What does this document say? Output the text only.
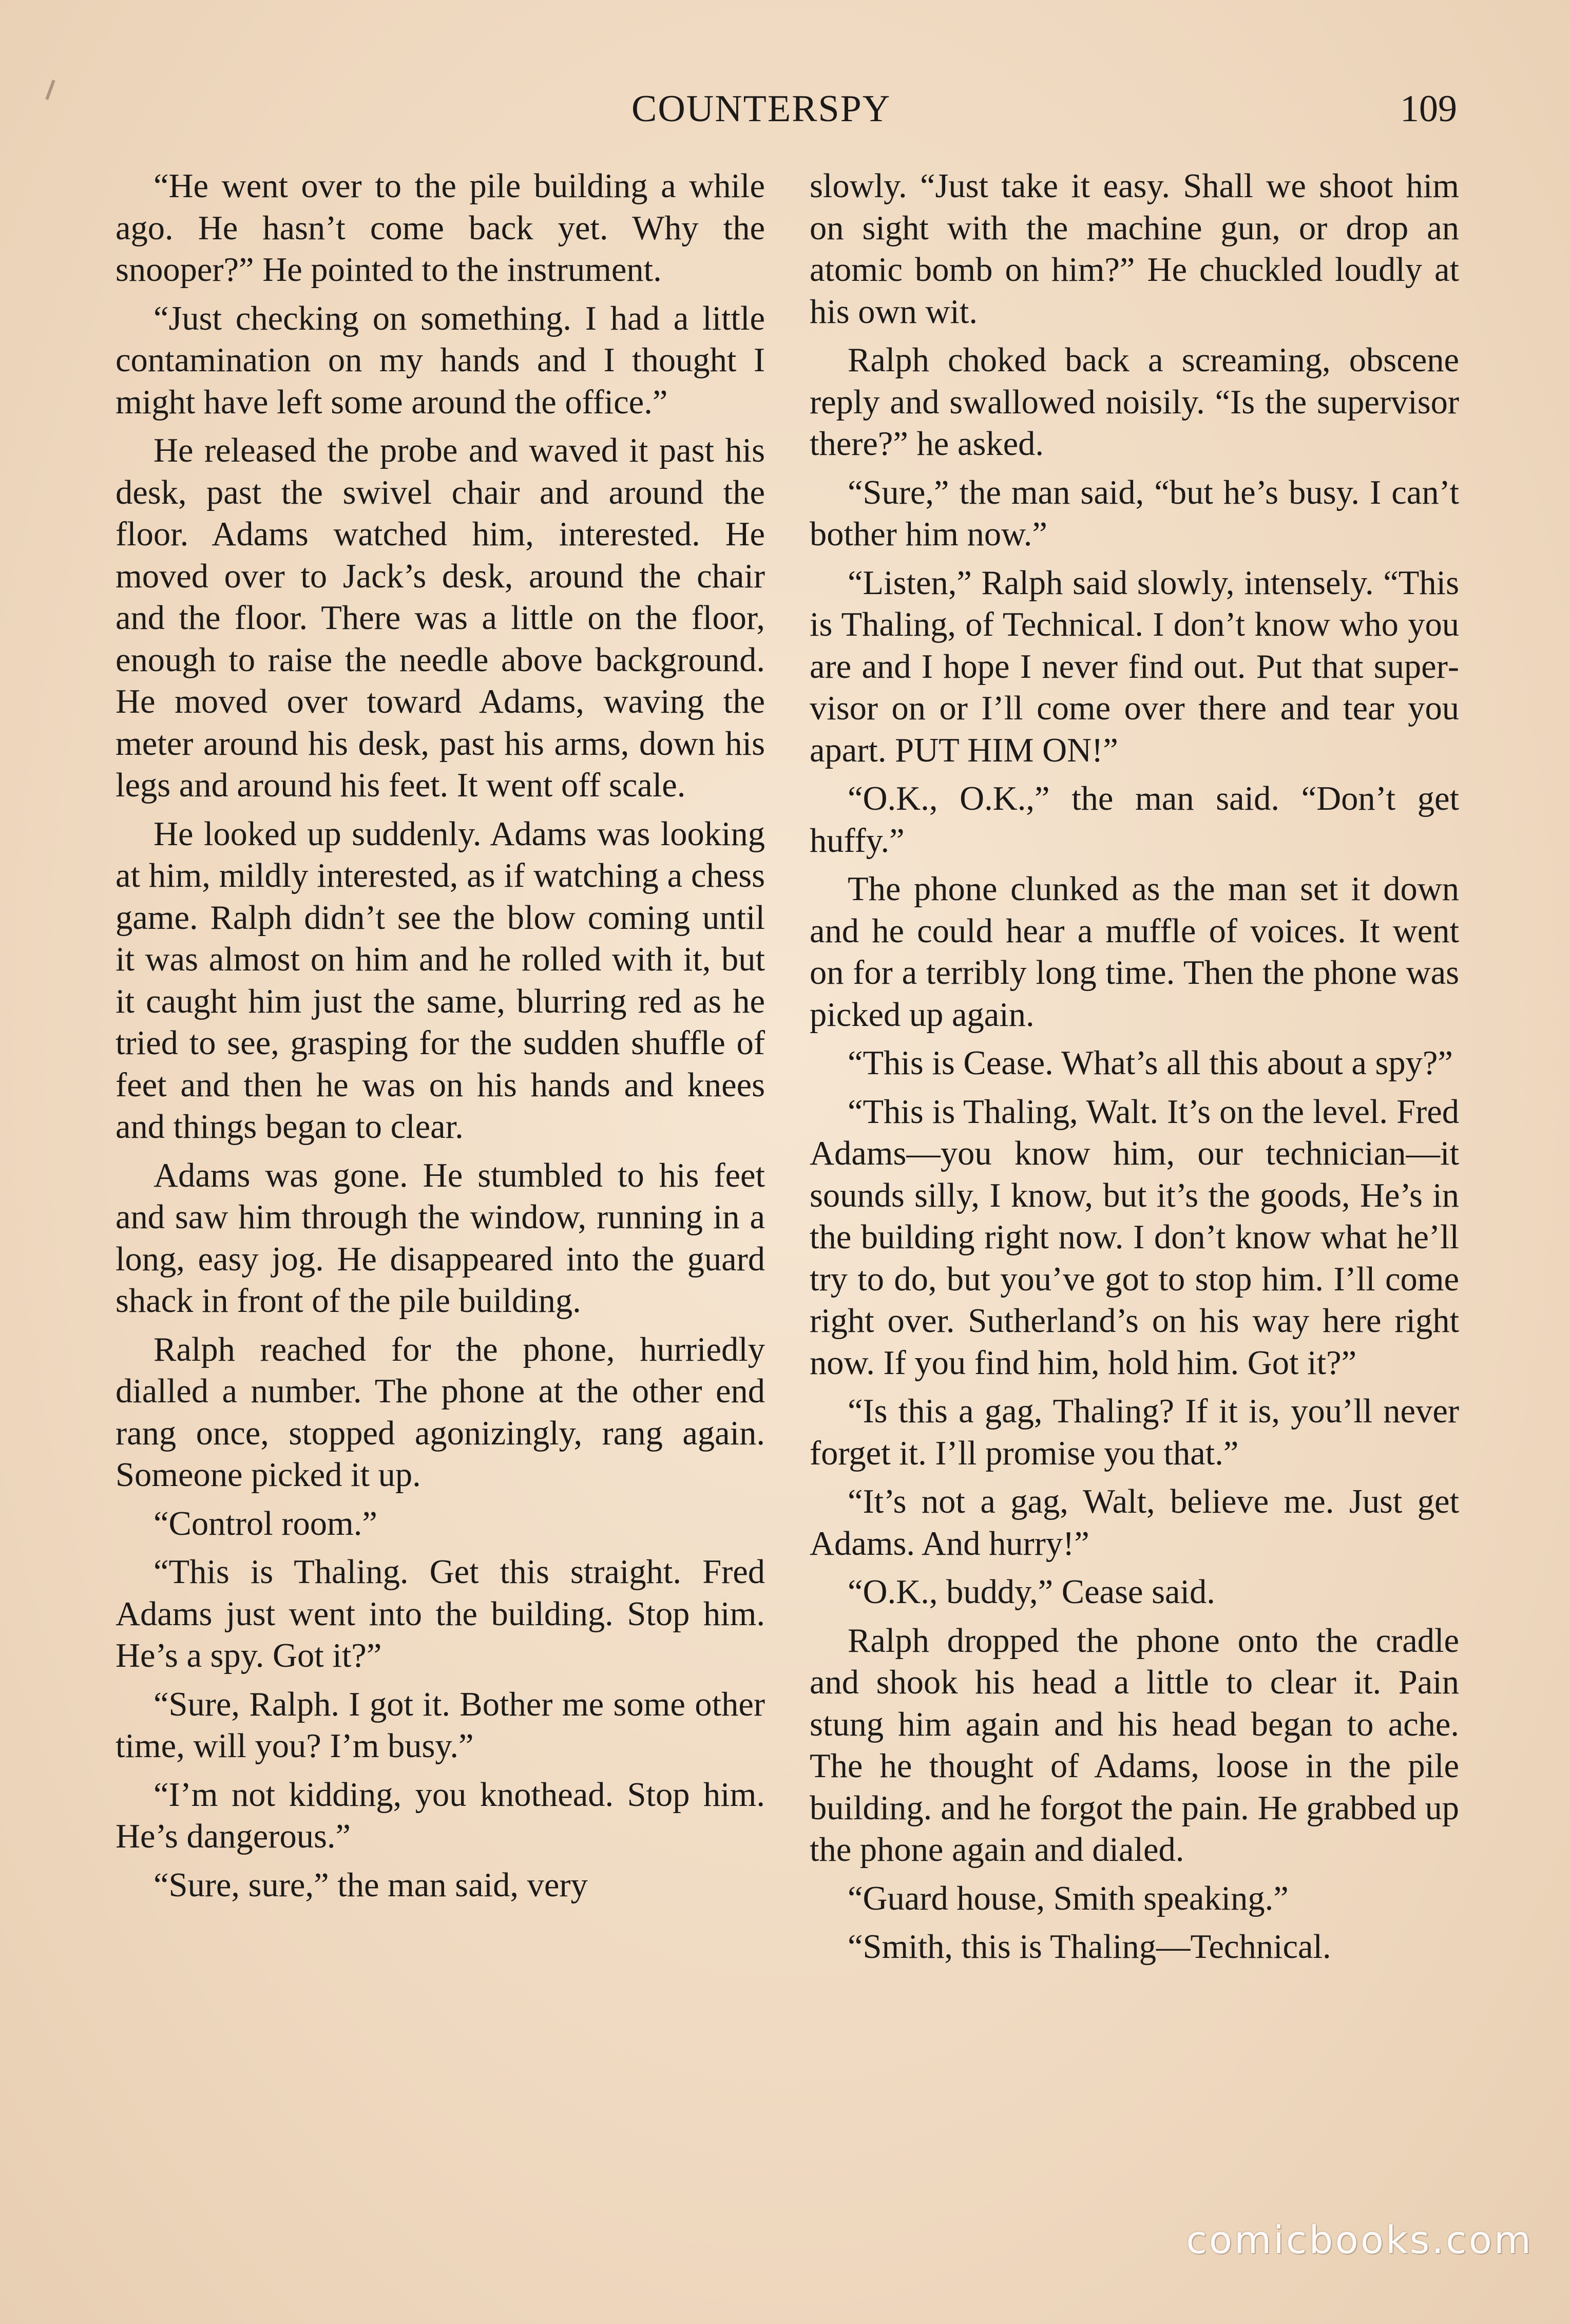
COUNTERSPY	109

“He went over to the pile building a while ago. He hasn’t come back yet. Why the snooper?” He pointed to the instrument.

“Just checking on something. I had a little contamination on my hands and I thought I might have left some around the office.”

He released the probe and waved it past his desk, past the swivel chair and around the floor. Adams watched him, interested. He moved over to Jack’s desk, around the chair and the floor. There was a little on the floor, enough to raise the needle above background. He moved over toward Adams, waving the meter around his desk, past his arms, down his legs and around his feet. It went off scale.

He looked up suddenly. Adams was looking at him, mildly interested, as if watching a chess game. Ralph didn’t see the blow coming until it was almost on him and he rolled with it, but it caught him just the same, blurring red as he tried to see, grasping for the sudden shuffle of feet and then he was on his hands and knees and things began to clear.

Adams was gone. He stumbled to his feet and saw him through the window, running in a long, easy jog. He disappeared into the guard shack in front of the pile building.

Ralph reached for the phone, hurriedly dialled a number. The phone at the other end rang once, stopped agonizingly, rang again. Someone picked it up.

“Control room.”

“This is Thaling. Get this straight. Fred Adams just went into the building. Stop him. He’s a spy. Got it?”

“Sure, Ralph. I got it. Bother me some other time, will you? I’m busy.”

“I’m not kidding, you knothead. Stop him. He’s dangerous.”

“Sure, sure,” the man said, very

slowly. “Just take it easy. Shall we shoot him on sight with the machine gun, or drop an atomic bomb on him?” He chuckled loudly at his own wit.

Ralph choked back a screaming, obscene reply and swallowed noisily. “Is the supervisor there?” he asked.

“Sure,” the man said, “but he’s busy. I can’t bother him now.”

“Listen,” Ralph said slowly, intensely. “This is Thaling, of Technical. I don’t know who you are and I hope I never find out. Put that supervisor on or I’ll come over there and tear you apart. PUT HIM ON!”

“O.K., O.K.,” the man said. “Don’t get huffy.”

The phone clunked as the man set it down and he could hear a muffle of voices. It went on for a terribly long time. Then the phone was picked up again.

“This is Cease. What’s all this about a spy?”

“This is Thaling, Walt. It’s on the level. Fred Adams—you know him, our technician—it sounds silly, I know, but it’s the goods, He’s in the building right now. I don’t know what he’ll try to do, but you’ve got to stop him. I’ll come right over. Sutherland’s on his way here right now. If you find him, hold him. Got it?”

“Is this a gag, Thaling? If it is, you’ll never forget it. I’ll promise you that.”

“It’s not a gag, Walt, believe me. Just get Adams. And hurry!”

“O.K., buddy,” Cease said.

Ralph dropped the phone onto the cradle and shook his head a little to clear it. Pain stung him again and his head began to ache. The he thought of Adams, loose in the pile building. and he forgot the pain. He grabbed up the phone again and dialed.

“Guard house, Smith speaking.”

“Smith, this is Thaling—Technical.

comicbooks.com
